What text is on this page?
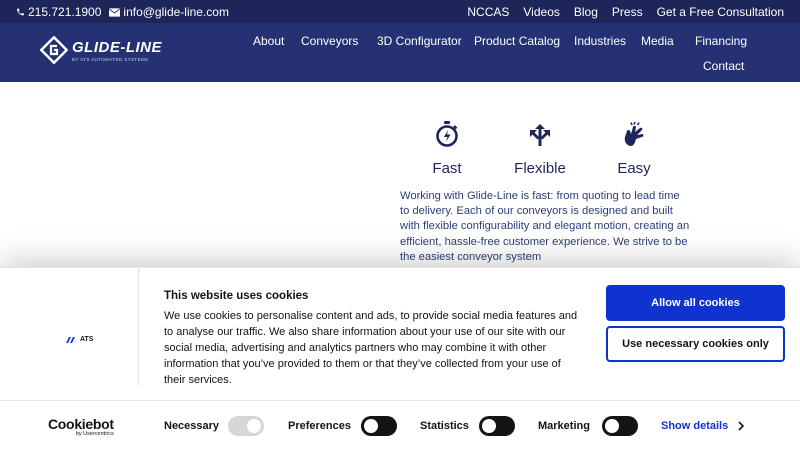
215.721.1900 info@glide-line.com	NCCAS Videos Blog Press Get a Free Consultation
GLIDE-LINE
BY ATS AUTOMATED SYSTEMS
About Conveyors 3D Configurator Product Catalog Industries Media Financing
Contact
Fast	Flexible	Easy

Working with Glide-Line is fast: from quoting to lead time to delivery. Each of our conveyors is designed and built with flexible configurability and elegant motion, creating an efficient, hassle-free customer experience. We strive to be the easiest conveyor system

ATS
This website uses cookies

We use cookies to personalise content and ads, to provide social media features and to analyse our traffic. We also share information about your use of our site with our social media, advertising and analytics partners who may combine it with other information that you’ve provided to them or that they’ve collected from your use of their services.

Allow all cookies
Use necessary cookies only
Cookiebot
by Usercentrics
Necessary	Preferences	Statistics	Marketing	Show details
